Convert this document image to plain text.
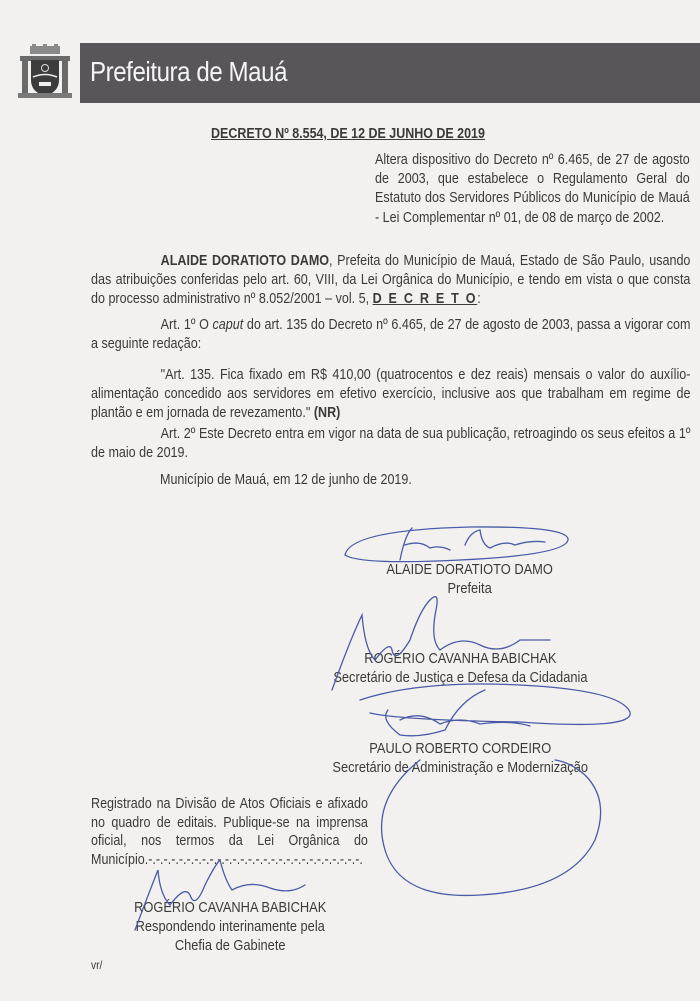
Prefeitura de Mauá
DECRETO Nº 8.554, DE 12 DE JUNHO DE 2019
Altera dispositivo do Decreto nº 6.465, de 27 de agosto de 2003, que estabelece o Regulamento Geral do Estatuto dos Servidores Públicos do Município de Mauá - Lei Complementar nº 01, de 08 de março de 2002.
ALAIDE DORATIOTO DAMO, Prefeita do Município de Mauá, Estado de São Paulo, usando das atribuições conferidas pelo art. 60, VIII, da Lei Orgânica do Município, e tendo em vista o que consta do processo administrativo nº 8.052/2001 – vol. 5, D E C R E T O:
Art. 1º O caput do art. 135 do Decreto nº 6.465, de 27 de agosto de 2003, passa a vigorar com a seguinte redação:
"Art. 135. Fica fixado em R$ 410,00 (quatrocentos e dez reais) mensais o valor do auxílio-alimentação concedido aos servidores em efetivo exercício, inclusive aos que trabalham em regime de plantão e em jornada de revezamento." (NR)
Art. 2º Este Decreto entra em vigor na data de sua publicação, retroagindo os seus efeitos a 1º de maio de 2019.
Município de Mauá, em 12 de junho de 2019.
ALAIDE DORATIOTO DAMO
Prefeita
ROGÉRIO CAVANHA BABICHAK
Secretário de Justiça e Defesa da Cidadania
PAULO ROBERTO CORDEIRO
Secretário de Administração e Modernização
Registrado na Divisão de Atos Oficiais e afixado no quadro de editais. Publique-se na imprensa oficial, nos termos da Lei Orgânica do Município.-.-.-.-.-.-.-.-.-.-.-.-.-.-.-.-.-.-.-.-.-.-.-.-.-.-.-.-.
ROGÉRIO CAVANHA BABICHAK
Respondendo interinamente pela
Chefia de Gabinete
vr/
